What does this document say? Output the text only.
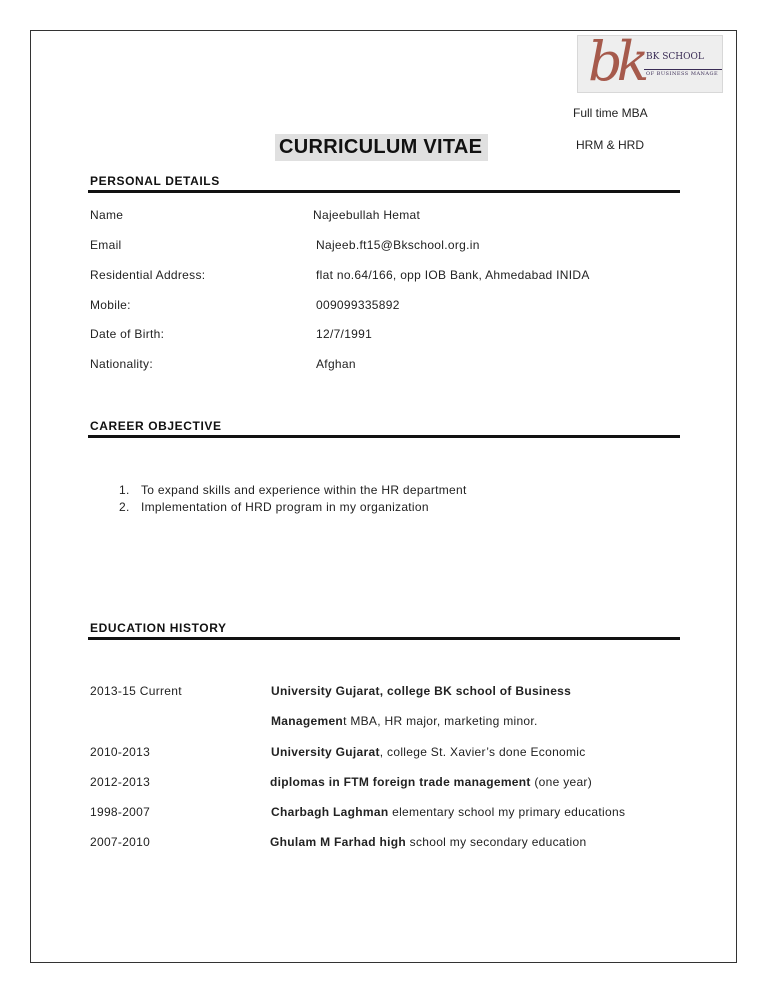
bk BK SCHOOL
OF BUSINESS MANAGE
Full time MBA
HRM & HRD
CURRICULUM VITAE
PERSONAL DETAILS
Name	Najeebullah Hemat
Email	Najeeb.ft15@Bkschool.org.in
Residential Address:	flat no.64/166, opp IOB Bank, Ahmedabad INIDA
Mobile:	009099335892
Date of Birth:	12/7/1991
Nationality:	Afghan
CAREER OBJECTIVE
1. To expand skills and experience within the HR department
2. Implementation of HRD program in my organization
EDUCATION HISTORY
2013-15 Current	University Gujarat, college BK school of Business
Management MBA, HR major, marketing minor.
2010-2013	University Gujarat, college St. Xavier’s done Economic
2012-2013	diplomas in FTM foreign trade management (one year)
1998-2007	Charbagh Laghman elementary school my primary educations
2007-2010	Ghulam M Farhad high school my secondary education
